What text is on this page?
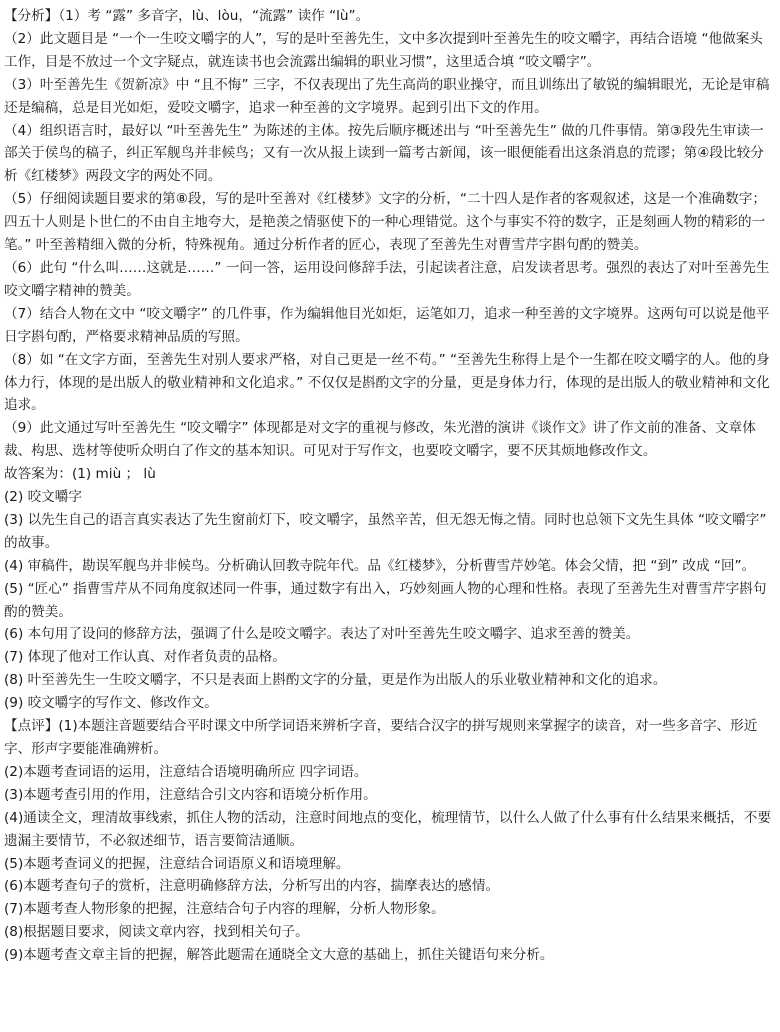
【分析】（1）考 “露” 多音字，lù、lòu，“流露” 读作 “lù”。

（2）此文题目是 “一个一生咬文嚼字的人”，写的是叶至善先生，文中多次提到叶至善先生的咬文嚼字，再结合语境 “他做案头工作，目是不放过一个文字疑点，就连读书也会流露出编辑的职业习惯”，这里适合填 “咬文嚼字”。

（3）叶至善先生《贺新凉》中 “且不悔” 三字，不仅表现出了先生高尚的职业操守，而且训练出了敏锐的编辑眼光，无论是审稿还是编稿，总是目光如炬，爱咬文嚼字，追求一种至善的文字境界。起到引出下文的作用。

（4）组织语言时，最好以 “叶至善先生” 为陈述的主体。按先后顺序概述出与 “叶至善先生” 做的几件事情。第③段先生审读一部关于侯鸟的稿子，纠正军舰鸟并非候鸟；又有一次从报上读到一篇考古新闻，该一眼便能看出这条消息的荒谬；第④段比较分析《红楼梦》两段文字的两处不同。

（5）仔细阅读题目要求的第⑧段，写的是叶至善对《红楼梦》文字的分析，“二十四人是作者的客观叙述，这是一个准确数字；四五十人则是卜世仁的不由自主地夸大，是艳羡之情驱使下的一种心理错觉。这个与事实不符的数字，正是刻画人物的精彩的一笔。” 叶至善精细入微的分析，特殊视角。通过分析作者的匠心，表现了至善先生对曹雪芹字斟句酌的赞美。

（6）此句 “什么叫……这就是……” 一问一答，运用设问修辞手法，引起读者注意，启发读者思考。强烈的表达了对叶至善先生咬文嚼字精神的赞美。

（7）结合人物在文中 “咬文嚼字” 的几件事，作为编辑他目光如炬，运笔如刀，追求一种至善的文字境界。这两句可以说是他平日字斟句酌，严格要求精神品质的写照。

（8）如 “在文字方面，至善先生对别人要求严格，对自己更是一丝不苟。” “至善先生称得上是个一生都在咬文嚼字的人。他的身体力行，体现的是出版人的敬业精神和文化追求。” 不仅仅是斟酌文字的分量，更是身体力行，体现的是出版人的敬业精神和文化追求。

（9）此文通过写叶至善先生 “咬文嚼字” 体现都是对文字的重视与修改，朱光潜的演讲《谈作文》讲了作文前的准备、文章体裁、构思、选材等使听众明白了作文的基本知识。可见对于写作文，也要咬文嚼字，要不厌其烦地修改作文。

故答案为：(1) miù ； lù

(2) 咬文嚼字

(3) 以先生自己的语言真实表达了先生窗前灯下，咬文嚼字，虽然辛苦，但无怨无悔之情。同时也总领下文先生具体 “咬文嚼字” 的故事。

(4) 审稿件，勘误军舰鸟并非候鸟。分析确认回教寺院年代。品《红楼梦》，分析曹雪芹妙笔。体会父情，把 “到” 改成 “回”。

(5) “匠心” 指曹雪芹从不同角度叙述同一件事，通过数字有出入，巧妙刻画人物的心理和性格。表现了至善先生对曹雪芹字斟句酌的赞美。

(6) 本句用了设问的修辞方法，强调了什么是咬文嚼字。表达了对叶至善先生咬文嚼字、追求至善的赞美。

(7) 体现了他对工作认真、对作者负责的品格。

(8) 叶至善先生一生咬文嚼字，不只是表面上斟酌文字的分量，更是作为出版人的乐业敬业精神和文化的追求。

(9) 咬文嚼字的写作文、修改作文。

【点评】(1)本题注音题要结合平时课文中所学词语来辨析字音，要结合汉字的拼写规则来掌握字的读音，对一些多音字、形近字、形声字要能准确辨析。

(2)本题考查词语的运用，注意结合语境明确所应 四字词语。

(3)本题考查引用的作用，注意结合引文内容和语境分析作用。

(4)通读全文，理清故事线索，抓住人物的活动，注意时间地点的变化，梳理情节，以什么人做了什么事有什么结果来概括，不要遗漏主要情节，不必叙述细节，语言要简洁通顺。

(5)本题考查词义的把握，注意结合词语原义和语境理解。

(6)本题考查句子的赏析，注意明确修辞方法，分析写出的内容，揣摩表达的感情。

(7)本题考查人物形象的把握，注意结合句子内容的理解，分析人物形象。

(8)根据题目要求，阅读文章内容，找到相关句子。

(9)本题考查文章主旨的把握，解答此题需在通晓全文大意的基础上，抓住关键语句来分析。
